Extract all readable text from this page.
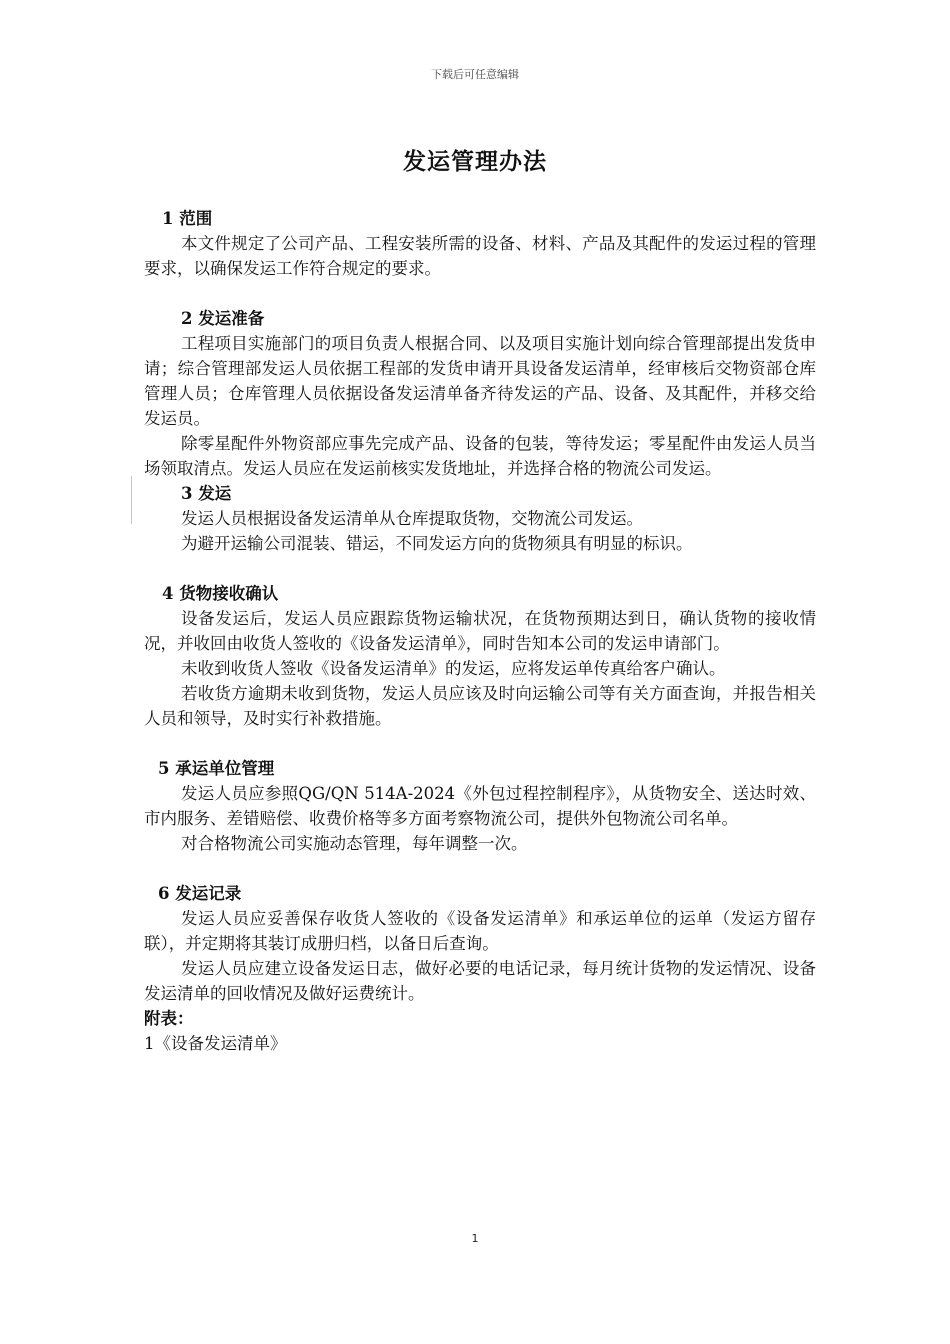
下载后可任意编辑
发运管理办法
1 范围
本文件规定了公司产品、工程安装所需的设备、材料、产品及其配件的发运过程的管理要求，以确保发运工作符合规定的要求。
2 发运准备
工程项目实施部门的项目负责人根据合同、以及项目实施计划向综合管理部提出发货申请；综合管理部发运人员依据工程部的发货申请开具设备发运清单，经审核后交物资部仓库管理人员；仓库管理人员依据设备发运清单备齐待发运的产品、设备、及其配件，并移交给发运员。
除零星配件外物资部应事先完成产品、设备的包装，等待发运；零星配件由发运人员当场领取清点。发运人员应在发运前核实发货地址，并选择合格的物流公司发运。
3 发运
发运人员根据设备发运清单从仓库提取货物，交物流公司发运。
为避开运输公司混装、错运，不同发运方向的货物须具有明显的标识。
4 货物接收确认
设备发运后，发运人员应跟踪货物运输状况，在货物预期达到日，确认货物的接收情况，并收回由收货人签收的《设备发运清单》，同时告知本公司的发运申请部门。
未收到收货人签收《设备发运清单》的发运，应将发运单传真给客户确认。
若收货方逾期未收到货物，发运人员应该及时向运输公司等有关方面查询，并报告相关人员和领导，及时实行补救措施。
5 承运单位管理
发运人员应参照QG/QN 514A-2024《外包过程控制程序》，从货物安全、送达时效、市内服务、差错赔偿、收费价格等多方面考察物流公司，提供外包物流公司名单。
对合格物流公司实施动态管理，每年调整一次。
6 发运记录
发运人员应妥善保存收货人签收的《设备发运清单》和承运单位的运单（发运方留存联），并定期将其装订成册归档，以备日后查询。
发运人员应建立设备发运日志，做好必要的电话记录，每月统计货物的发运情况、设备发运清单的回收情况及做好运费统计。
附表：
1《设备发运清单》
1
